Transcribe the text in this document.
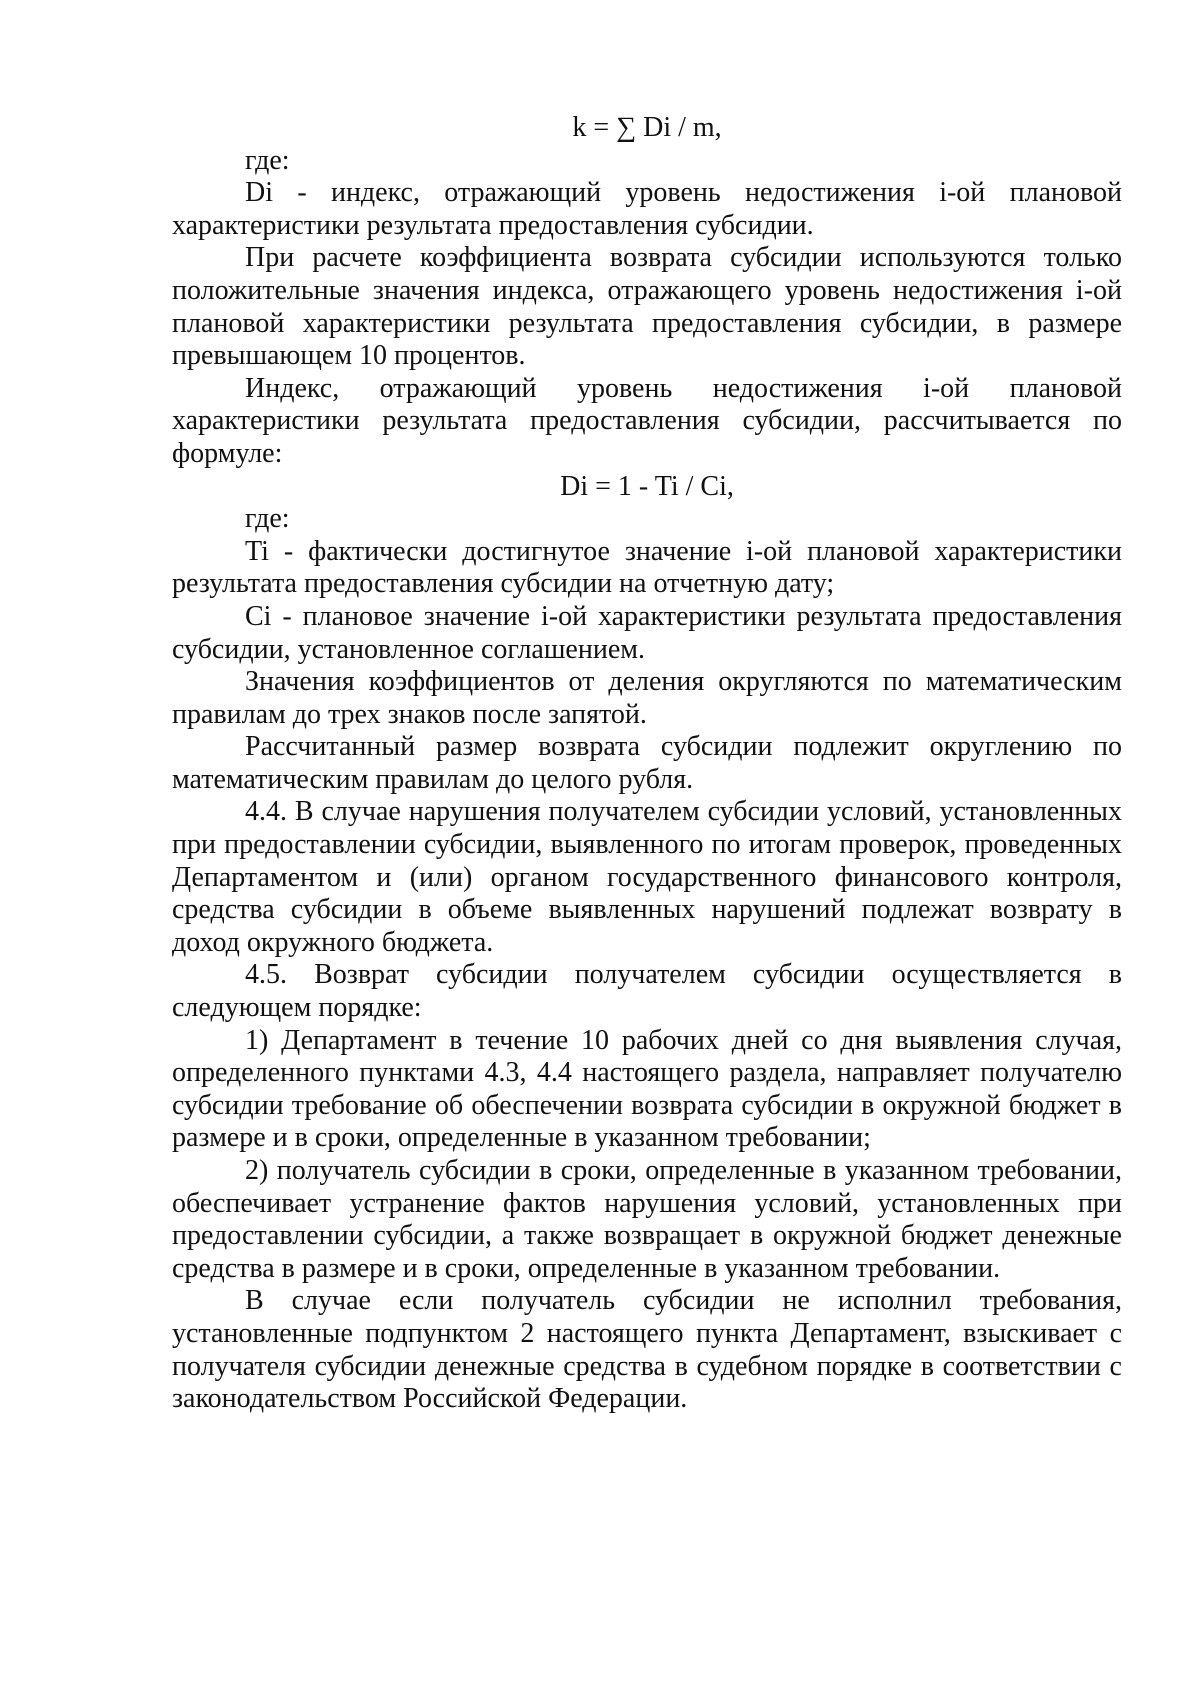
k = ∑ Di / m,

где:

Di - индекс, отражающий уровень недостижения i-ой плановой характеристики результата предоставления субсидии.

При расчете коэффициента возврата субсидии используются только положительные значения индекса, отражающего уровень недостижения i-ой плановой характеристики результата предоставления субсидии, в размере превышающем 10 процентов.

Индекс, отражающий уровень недостижения i-ой плановой характеристики результата предоставления субсидии, рассчитывается по формуле:

Di = 1 - Ti / Ci,

где:

Ti - фактически достигнутое значение i-ой плановой характеристики результата предоставления субсидии на отчетную дату;

Ci - плановое значение i-ой характеристики результата предоставления субсидии, установленное соглашением.

Значения коэффициентов от деления округляются по математическим правилам до трех знаков после запятой.

Рассчитанный размер возврата субсидии подлежит округлению по математическим правилам до целого рубля.

4.4. В случае нарушения получателем субсидии условий, установленных при предоставлении субсидии, выявленного по итогам проверок, проведенных Департаментом и (или) органом государственного финансового контроля, средства субсидии в объеме выявленных нарушений подлежат возврату в доход окружного бюджета.

4.5. Возврат субсидии получателем субсидии осуществляется в следующем порядке:

1) Департамент в течение 10 рабочих дней со дня выявления случая, определенного пунктами 4.3, 4.4 настоящего раздела, направляет получателю субсидии требование об обеспечении возврата субсидии в окружной бюджет в размере и в сроки, определенные в указанном требовании;

2) получатель субсидии в сроки, определенные в указанном требовании, обеспечивает устранение фактов нарушения условий, установленных при предоставлении субсидии, а также возвращает в окружной бюджет денежные средства в размере и в сроки, определенные в указанном требовании.

В случае если получатель субсидии не исполнил требования, установленные подпунктом 2 настоящего пункта Департамент, взыскивает с получателя субсидии денежные средства в судебном порядке в соответствии с законодательством Российской Федерации.
